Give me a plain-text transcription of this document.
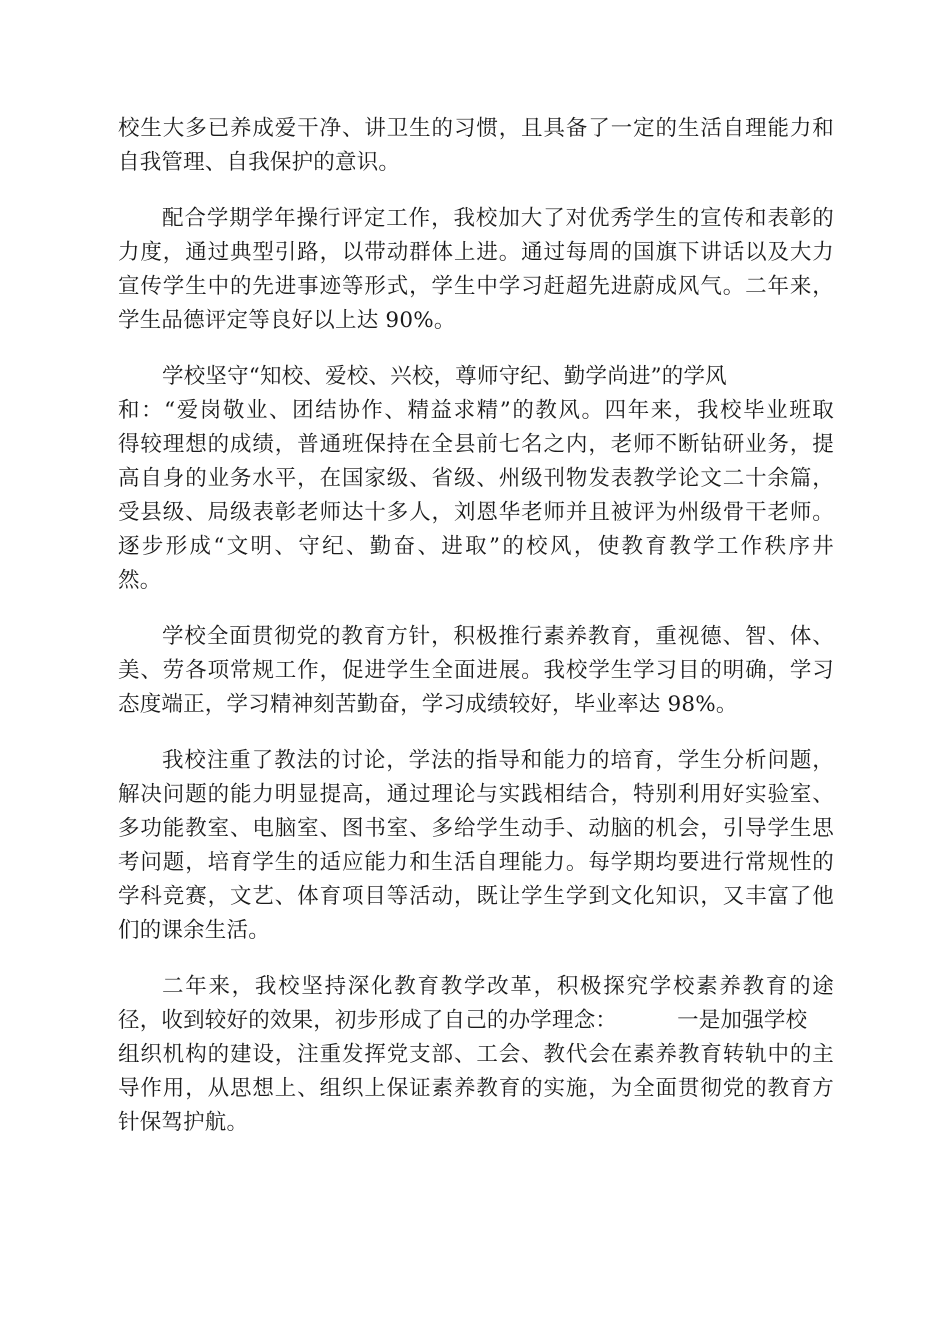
校生大多已养成爱干净、讲卫生的习惯，且具备了一定的生活自理能力和
自我管理、自我保护的意识。
配合学期学年操行评定工作，我校加大了对优秀学生的宣传和表彰的
力度，通过典型引路，以带动群体上进。通过每周的国旗下讲话以及大力
宣传学生中的先进事迹等形式，学生中学习赶超先进蔚成风气。二年来，
学生品德评定等良好以上达 90%。
学校坚守“知校、爱校、兴校，尊师守纪、勤学尚进”的学风
和：“爱岗敬业、团结协作、精益求精”的教风。四年来，我校毕业班取
得较理想的成绩，普通班保持在全县前七名之内，老师不断钻研业务，提
高自身的业务水平，在国家级、省级、州级刊物发表教学论文二十余篇，
受县级、局级表彰老师达十多人，刘恩华老师并且被评为州级骨干老师。
逐步形成“文明、守纪、勤奋、进取”的校风，使教育教学工作秩序井
然。
学校全面贯彻党的教育方针，积极推行素养教育，重视德、智、体、
美、劳各项常规工作，促进学生全面进展。我校学生学习目的明确，学习
态度端正，学习精神刻苦勤奋，学习成绩较好，毕业率达 98%。
我校注重了教法的讨论，学法的指导和能力的培育，学生分析问题，
解决问题的能力明显提高，通过理论与实践相结合，特别利用好实验室、
多功能教室、电脑室、图书室、多给学生动手、动脑的机会，引导学生思
考问题，培育学生的适应能力和生活自理能力。每学期均要进行常规性的
学科竞赛，文艺、体育项目等活动，既让学生学到文化知识，又丰富了他
们的课余生活。
二年来，我校坚持深化教育教学改革，积极探究学校素养教育的途
径，收到较好的效果，初步形成了自己的办学理念：	一是加强学校
组织机构的建设，注重发挥党支部、工会、教代会在素养教育转轨中的主
导作用，从思想上、组织上保证素养教育的实施，为全面贯彻党的教育方
针保驾护航。
